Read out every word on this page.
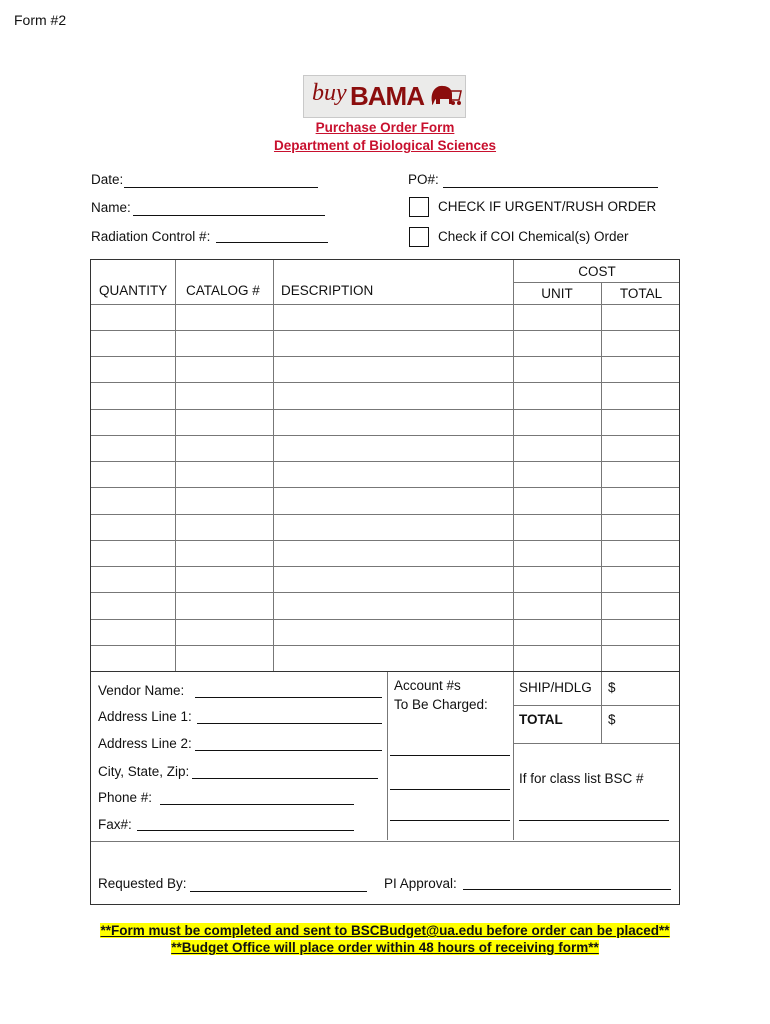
Form #2
buy BAMA
Purchase Order Form
Department of Biological Sciences
Date:
Name:
Radiation Control #:
PO#:
CHECK IF URGENT/RUSH ORDER
Check if COI Chemical(s) Order
QUANTITY CATALOG # DESCRIPTION
COST
UNIT	TOTAL
Vendor Name:
Address Line 1:
Address Line 2:
City, State, Zip:
Phone #:
Fax#:
Account #s
To Be Charged:
SHIP/HDLG $
TOTAL	$
If for class list BSC #
Requested By:	PI Approval:
**Form must be completed and sent to BSCBudget@ua.edu before order can be placed**
**Budget Office will place order within 48 hours of receiving form**
